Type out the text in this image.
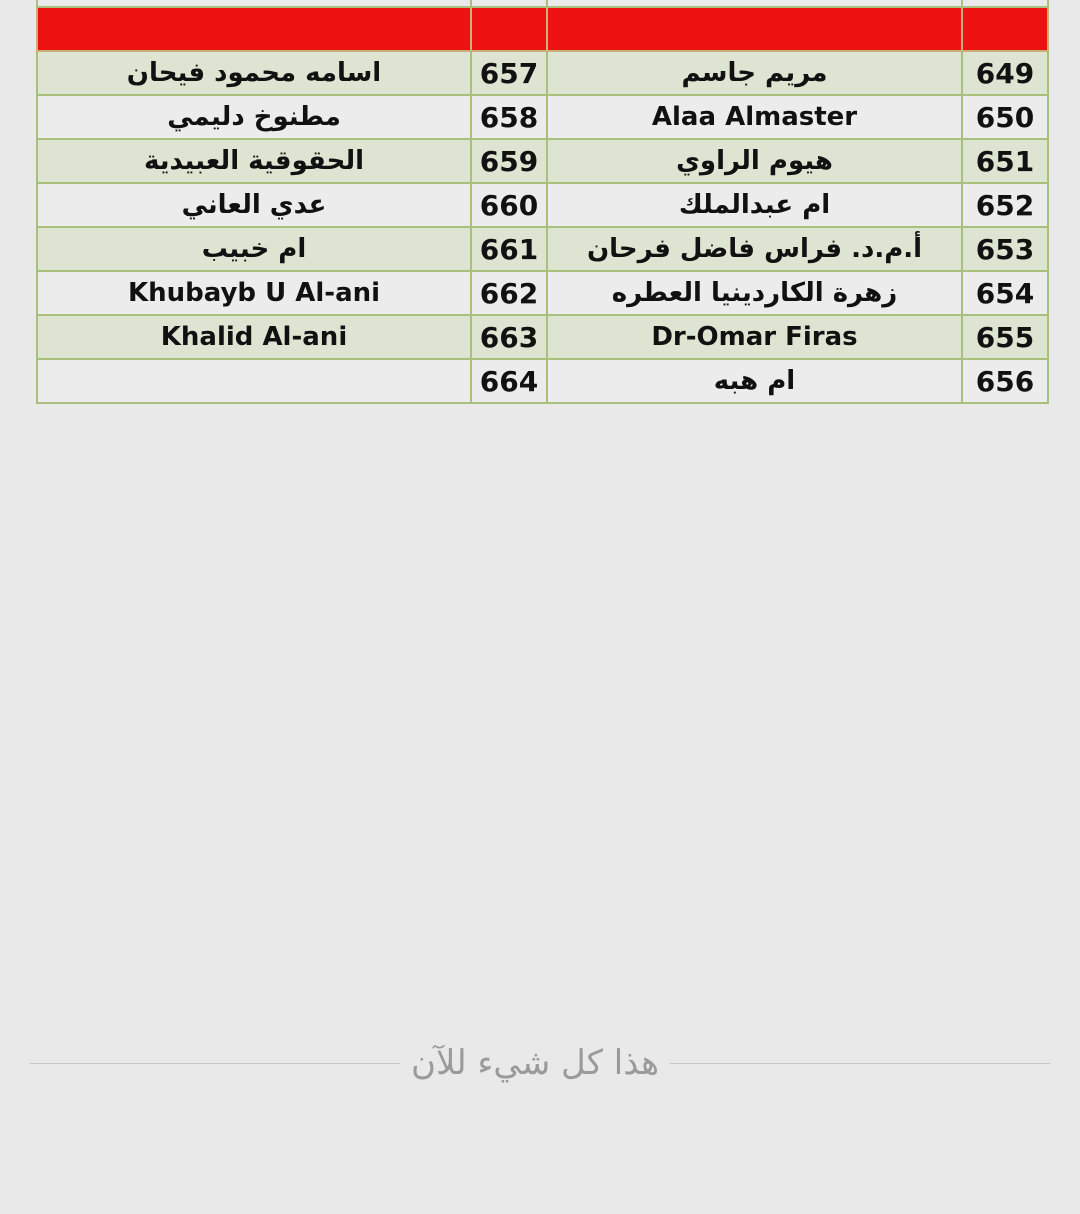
اسامه محمود فيحان	657	مريم جاسم	649
مطنوخ دليمي	658	Alaa Almaster	650
الحقوقية العبيدية	659	هيوم الراوي	651
عدي العاني	660	ام عبدالملك	652
ام خبيب	661	أ.م.د. فراس فاضل فرحان	653
Khubayb U Al-ani	662	زهرة الكاردينيا العطره	654
Khalid Al-ani	663	Dr-Omar Firas	655
	664	ام هبه	656
هذا كل شيء للآن
